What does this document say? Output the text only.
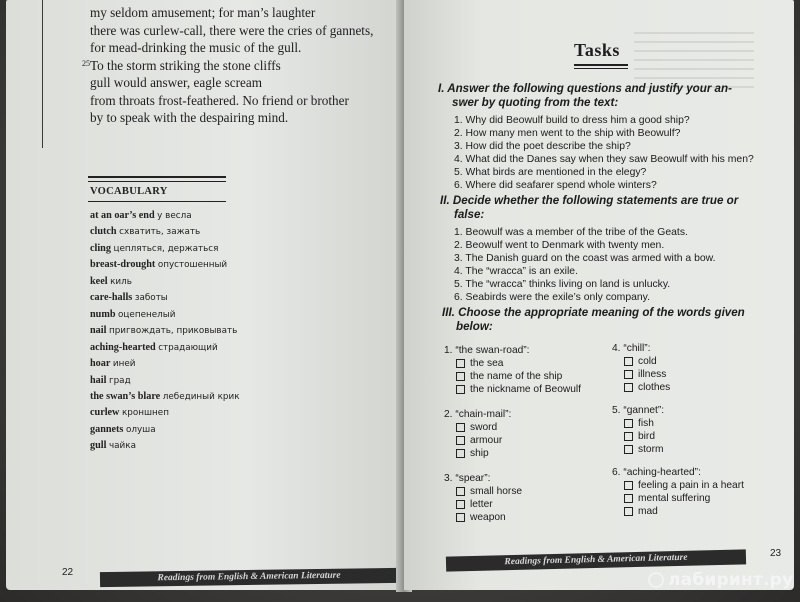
my seldom amusement; for man’s laughter
there was curlew-call, there were the cries of gannets,
for mead-drinking the music of the gull.
25 To the storm striking the stone cliffs
gull would answer, eagle scream
from throats frost-feathered. No friend or brother
by to speak with the despairing mind.
VOCABULARY
at an oar’s end у весла
clutch схватить, зажать
cling цепляться, держаться
breast-drought опустошенный
keel киль
care-halls заботы
numb оцепенелый
nail пригвождать, приковывать
aching-hearted страдающий
hoar иней
hail град
the swan’s blare лебединый крик
curlew кроншнеп
gannets олуша
gull чайка
22	Readings from English & American Literature
Tasks
I. Answer the following questions and justify your an-
swer by quoting from the text:
1. Why did Beowulf build to dress him a good ship?
2. How many men went to the ship with Beowulf?
3. How did the poet describe the ship?
4. What did the Danes say when they saw Beowulf with his men?
5. What birds are mentioned in the elegy?
6. Where did seafarer spend whole winters?
II. Decide whether the following statements are true or
false:
1. Beowulf was a member of the tribe of the Geats.
2. Beowulf went to Denmark with twenty men.
3. The Danish guard on the coast was armed with a bow.
4. The “wracca” is an exile.
5. The “wracca” thinks living on land is unlucky.
6. Seabirds were the exile’s only company.
III. Choose the appropriate meaning of the words given
below:
1. “the swan-road”:
the sea
the name of the ship
the nickname of Beowulf
2. “chain-mail”:
sword
armour
ship
3. “spear”:
small horse
letter
weapon
4. “chill”:
cold
illness
clothes
5. “gannet”:
fish
bird
storm
6. “aching-hearted”:
feeling a pain in a heart
mental suffering
mad
23
Readings from English & American Literature
лабиринт.ру
